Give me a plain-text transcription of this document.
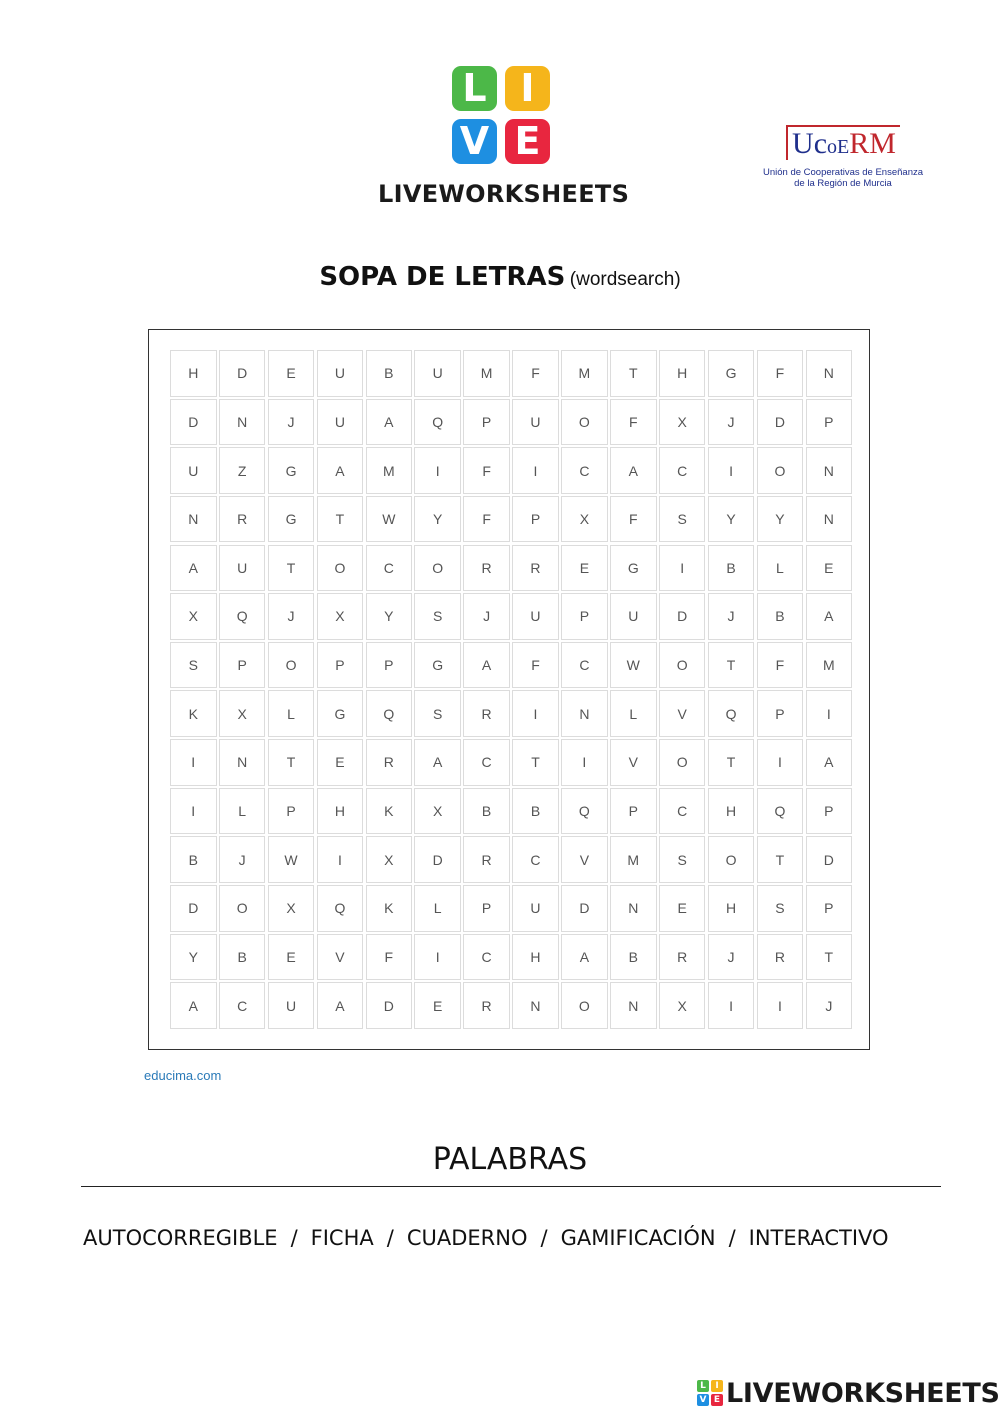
L I
V E
LIVEWORKSHEETS
UcoERM
Unión de Cooperativas de Enseñanza
de la Región de Murcia
SOPA DE LETRAS (wordsearch)
H	D	E	U	B	U	M	F	M	T	H	G	F	N
D	N	J	U	A	Q	P	U	O	F	X	J	D	P
U	Z	G	A	M	I	F	I	C	A	C	I	O	N
N	R	G	T	W	Y	F	P	X	F	S	Y	Y	N
A	U	T	O	C	O	R	R	E	G	I	B	L	E
X	Q	J	X	Y	S	J	U	P	U	D	J	B	A
S	P	O	P	P	G	A	F	C	W	O	T	F	M
K	X	L	G	Q	S	R	I	N	L	V	Q	P	I
I	N	T	E	R	A	C	T	I	V	O	T	I	A
I	L	P	H	K	X	B	B	Q	P	C	H	Q	P
B	J	W	I	X	D	R	C	V	M	S	O	T	D
D	O	X	Q	K	L	P	U	D	N	E	H	S	P
Y	B	E	V	F	I	C	H	A	B	R	J	R	T
A	C	U	A	D	E	R	N	O	N	X	I	I	J
educima.com
PALABRAS
AUTOCORREGIBLE / FICHA / CUADERNO / GAMIFICACIÓN / INTERACTIVO
L	I
V E LIVEWORKSHEETS
